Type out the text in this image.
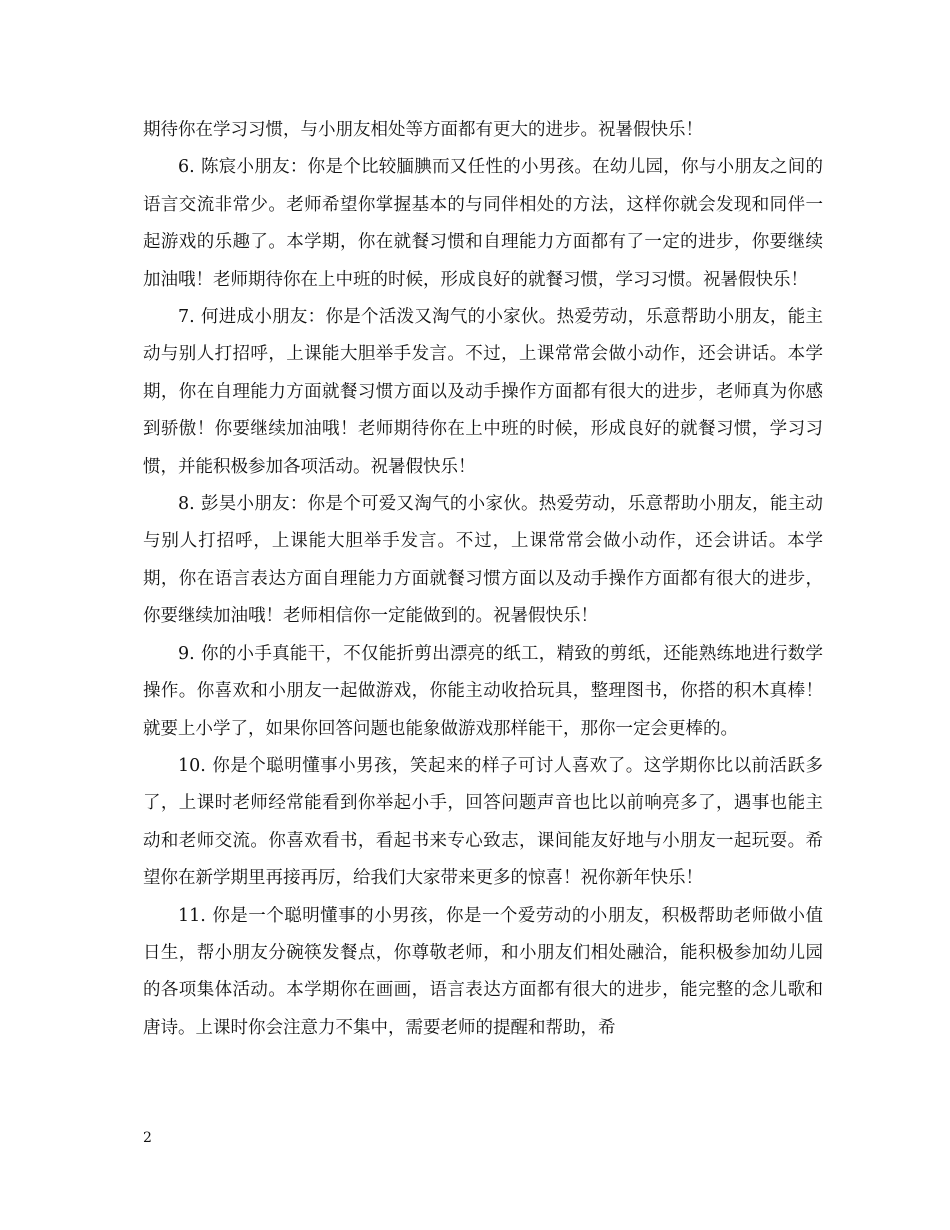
期待你在学习习惯，与小朋友相处等方面都有更大的进步。祝暑假快乐！

6. 陈宸小朋友：你是个比较腼腆而又任性的小男孩。在幼儿园，你与小朋友之间的语言交流非常少。老师希望你掌握基本的与同伴相处的方法，这样你就会发现和同伴一起游戏的乐趣了。本学期，你在就餐习惯和自理能力方面都有了一定的进步，你要继续加油哦！老师期待你在上中班的时候，形成良好的就餐习惯，学习习惯。祝暑假快乐！

7. 何进成小朋友：你是个活泼又淘气的小家伙。热爱劳动，乐意帮助小朋友，能主动与别人打招呼，上课能大胆举手发言。不过，上课常常会做小动作，还会讲话。本学期，你在自理能力方面就餐习惯方面以及动手操作方面都有很大的进步，老师真为你感到骄傲！你要继续加油哦！老师期待你在上中班的时候，形成良好的就餐习惯，学习习惯，并能积极参加各项活动。祝暑假快乐！

8. 彭昊小朋友：你是个可爱又淘气的小家伙。热爱劳动，乐意帮助小朋友，能主动与别人打招呼，上课能大胆举手发言。不过，上课常常会做小动作，还会讲话。本学期，你在语言表达方面自理能力方面就餐习惯方面以及动手操作方面都有很大的进步，你要继续加油哦！老师相信你一定能做到的。祝暑假快乐！

9. 你的小手真能干，不仅能折剪出漂亮的纸工，精致的剪纸，还能熟练地进行数学操作。你喜欢和小朋友一起做游戏，你能主动收拾玩具，整理图书，你搭的积木真棒！就要上小学了，如果你回答问题也能象做游戏那样能干，那你一定会更棒的。

10. 你是个聪明懂事小男孩，笑起来的样子可讨人喜欢了。这学期你比以前活跃多了，上课时老师经常能看到你举起小手，回答问题声音也比以前响亮多了，遇事也能主动和老师交流。你喜欢看书，看起书来专心致志，课间能友好地与小朋友一起玩耍。希望你在新学期里再接再厉，给我们大家带来更多的惊喜！祝你新年快乐！

11. 你是一个聪明懂事的小男孩，你是一个爱劳动的小朋友，积极帮助老师做小值日生，帮小朋友分碗筷发餐点，你尊敬老师，和小朋友们相处融洽，能积极参加幼儿园的各项集体活动。本学期你在画画，语言表达方面都有很大的进步，能完整的念儿歌和唐诗。上课时你会注意力不集中，需要老师的提醒和帮助，希

2
